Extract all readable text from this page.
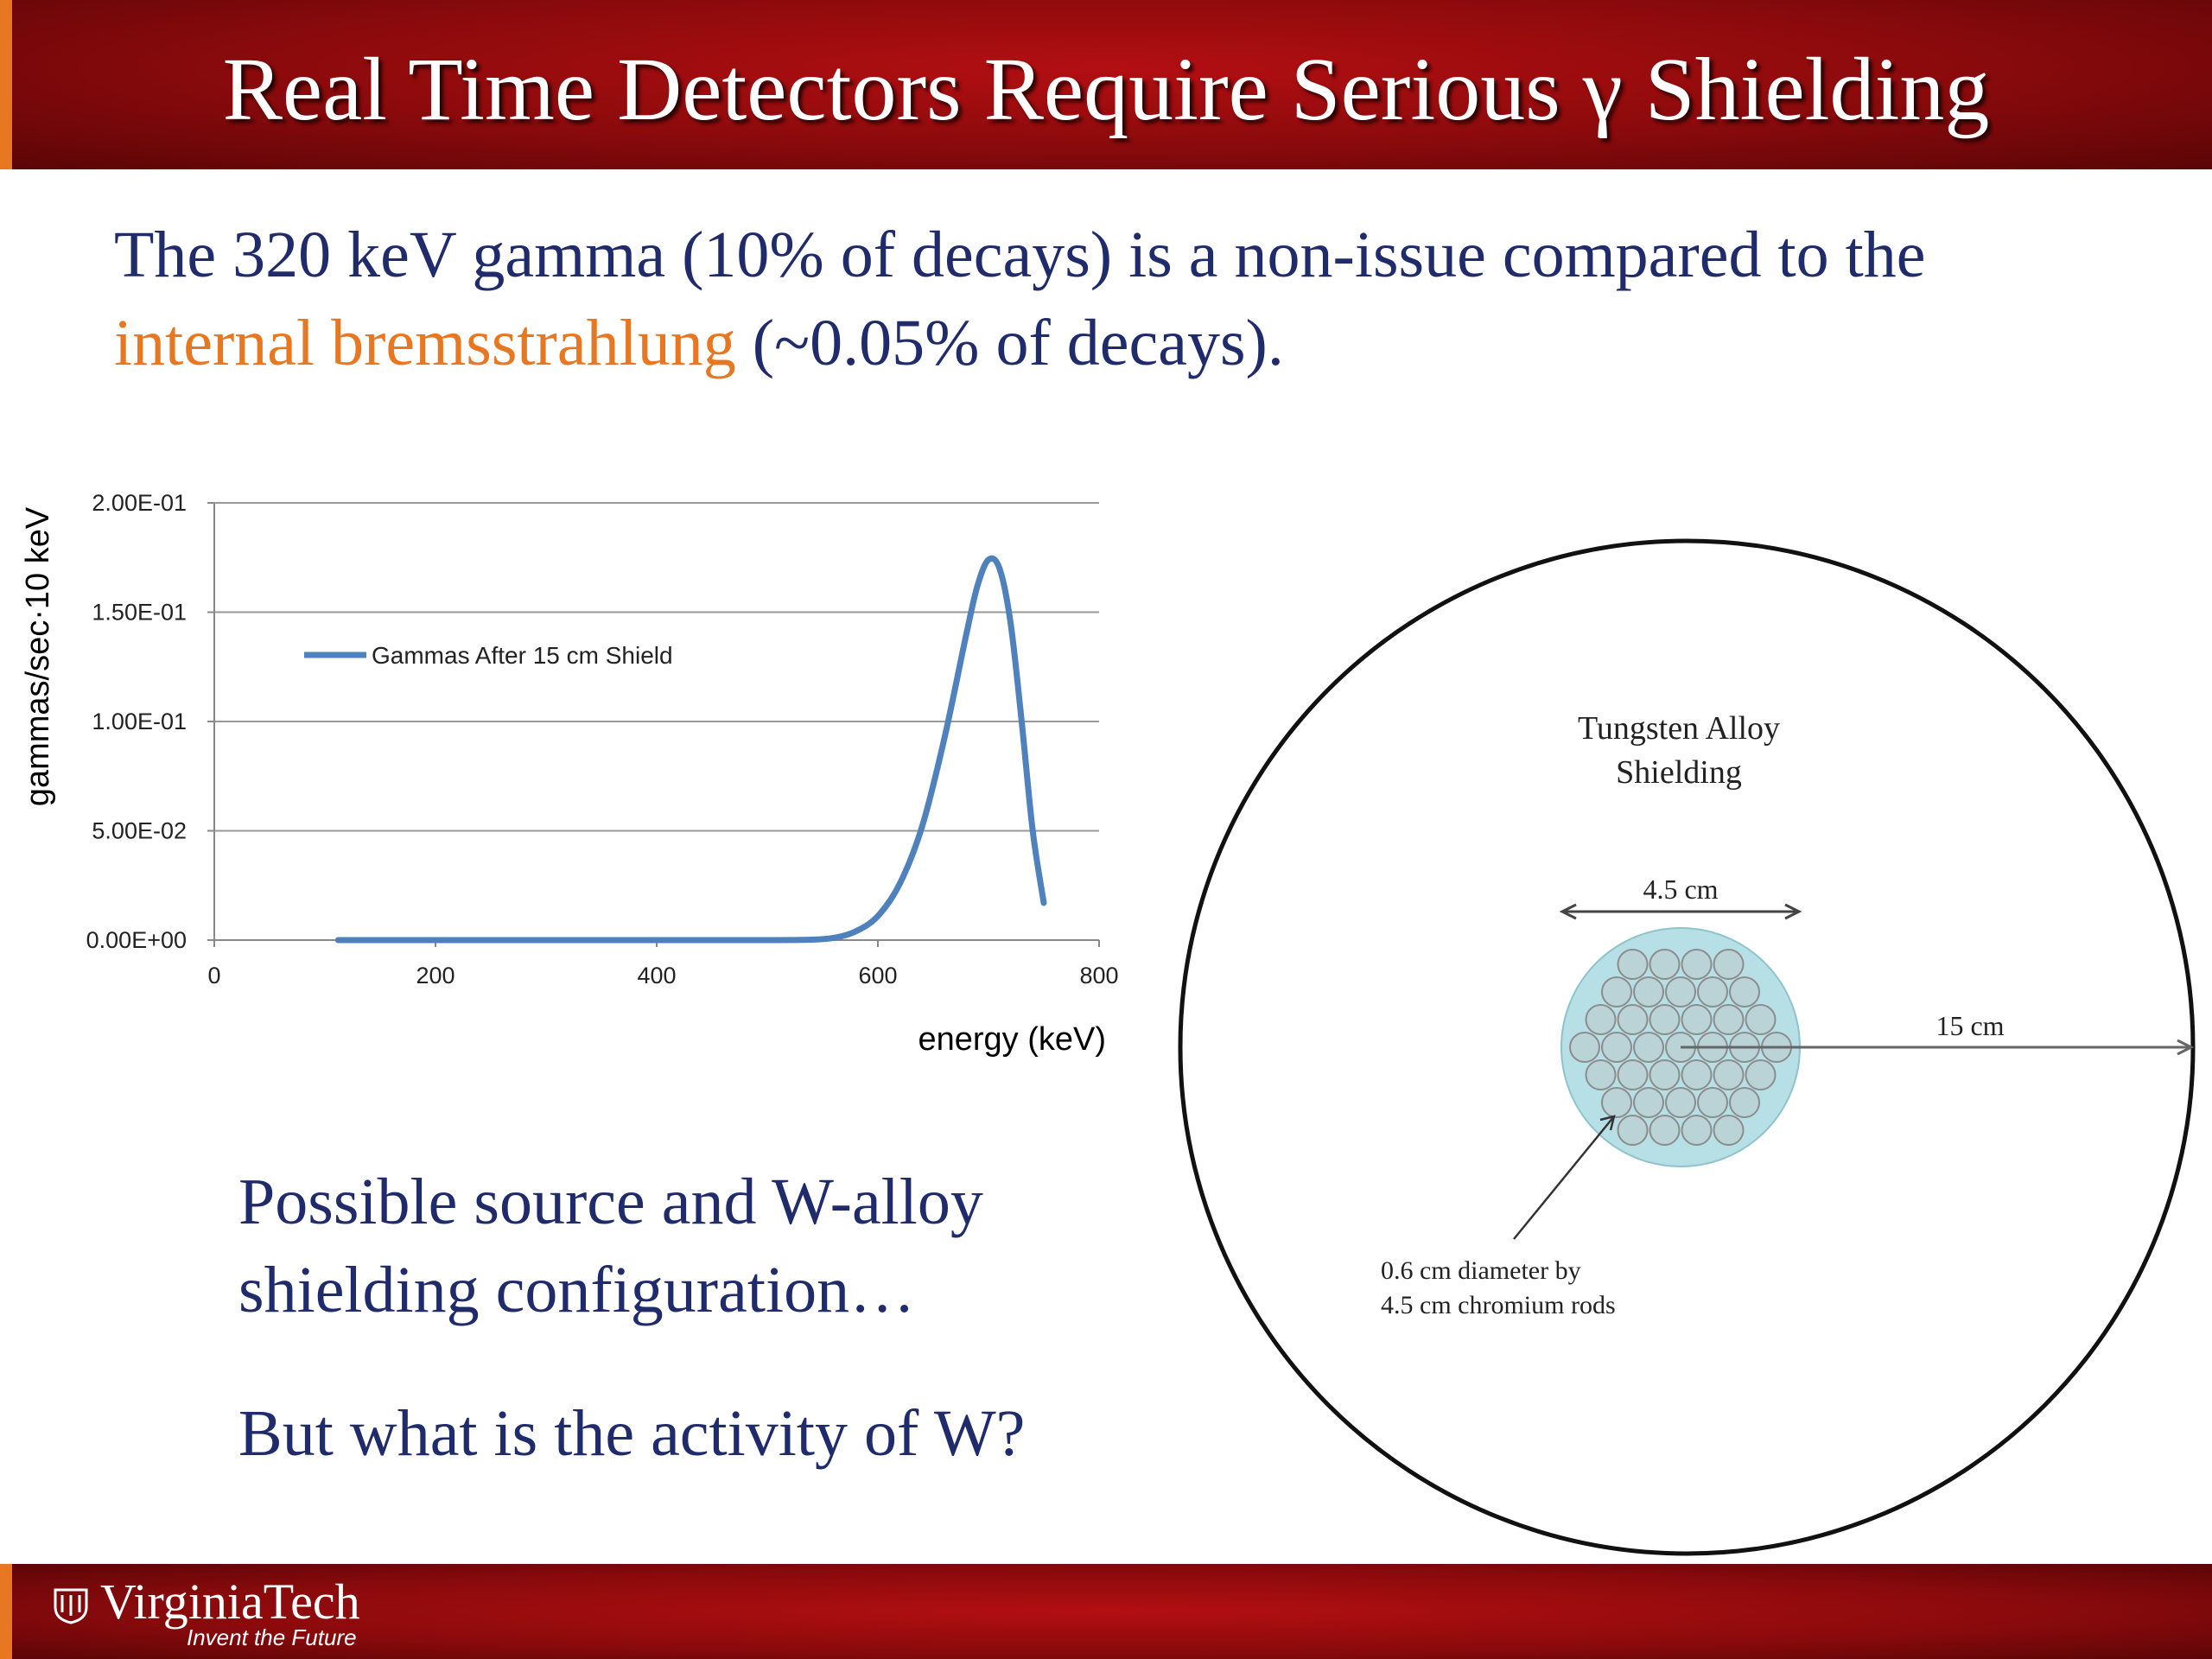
Real Time Detectors Require Serious γ Shielding
The 320 keV gamma (10% of decays) is a non-issue compared to the internal bremsstrahlung (~0.05% of decays).
0.00E+00
5.00E-02
1.00E-01
1.50E-01
2.00E-01
0	200	400	600	800
Gammas After 15 cm Shield
energy (keV)
gammas/sec·10 keV	Tungsten Alloy
Shielding
4.5 cm
15 cm
0.6 cm diameter by
4.5 cm chromium rods
Possible source and W-alloy shielding configuration…
But what is the activity of W?
VirginiaTech
Invent the Future
